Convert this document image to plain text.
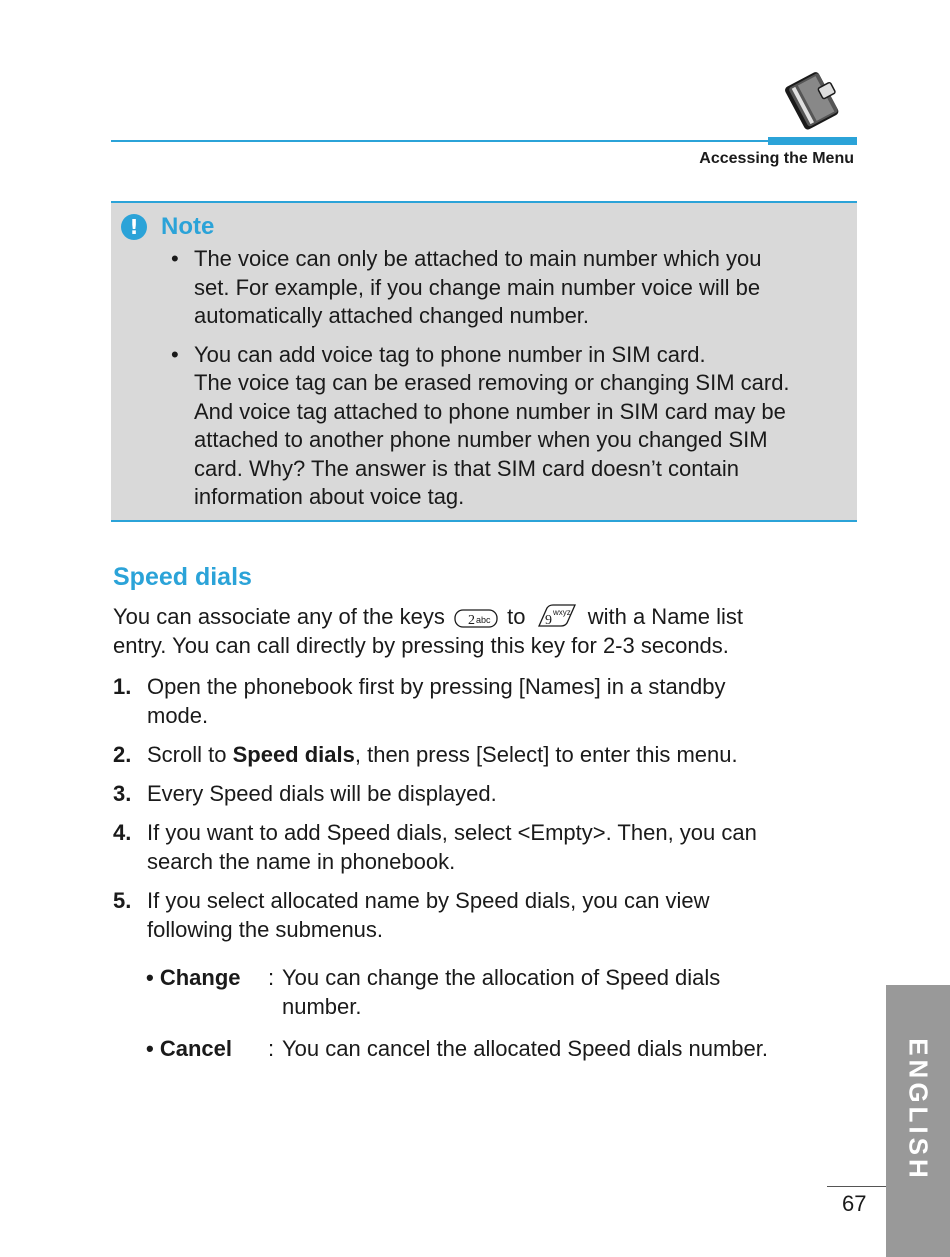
Accessing the Menu
! Note
• The voice can only be attached to main number which you
set. For example, if you change main number voice will be
automatically attached changed number.
• You can add voice tag to phone number in SIM card.
The voice tag can be erased removing or changing SIM card.
And voice tag attached to phone number in SIM card may be
attached to another phone number when you changed SIM
card. Why? The answer is that SIM card doesn’t contain
information about voice tag.
Speed dials
You can associate any of the keys 2 abc to 9
wxyz with a Name list
entry. You can call directly by pressing this key for 2-3 seconds.
1. Open the phonebook first by pressing [Names] in a standby
mode.
2. Scroll to Speed dials, then press [Select] to enter this menu.
3. Every Speed dials will be displayed.
4. If you want to add Speed dials, select <Empty>. Then, you can
search the name in phonebook.
5. If you select allocated name by Speed dials, you can view
following the submenus.
• Change : You can change the allocation of Speed dials
number.
• Cancel : You can cancel the allocated Speed dials number.	ENGLISH
67
